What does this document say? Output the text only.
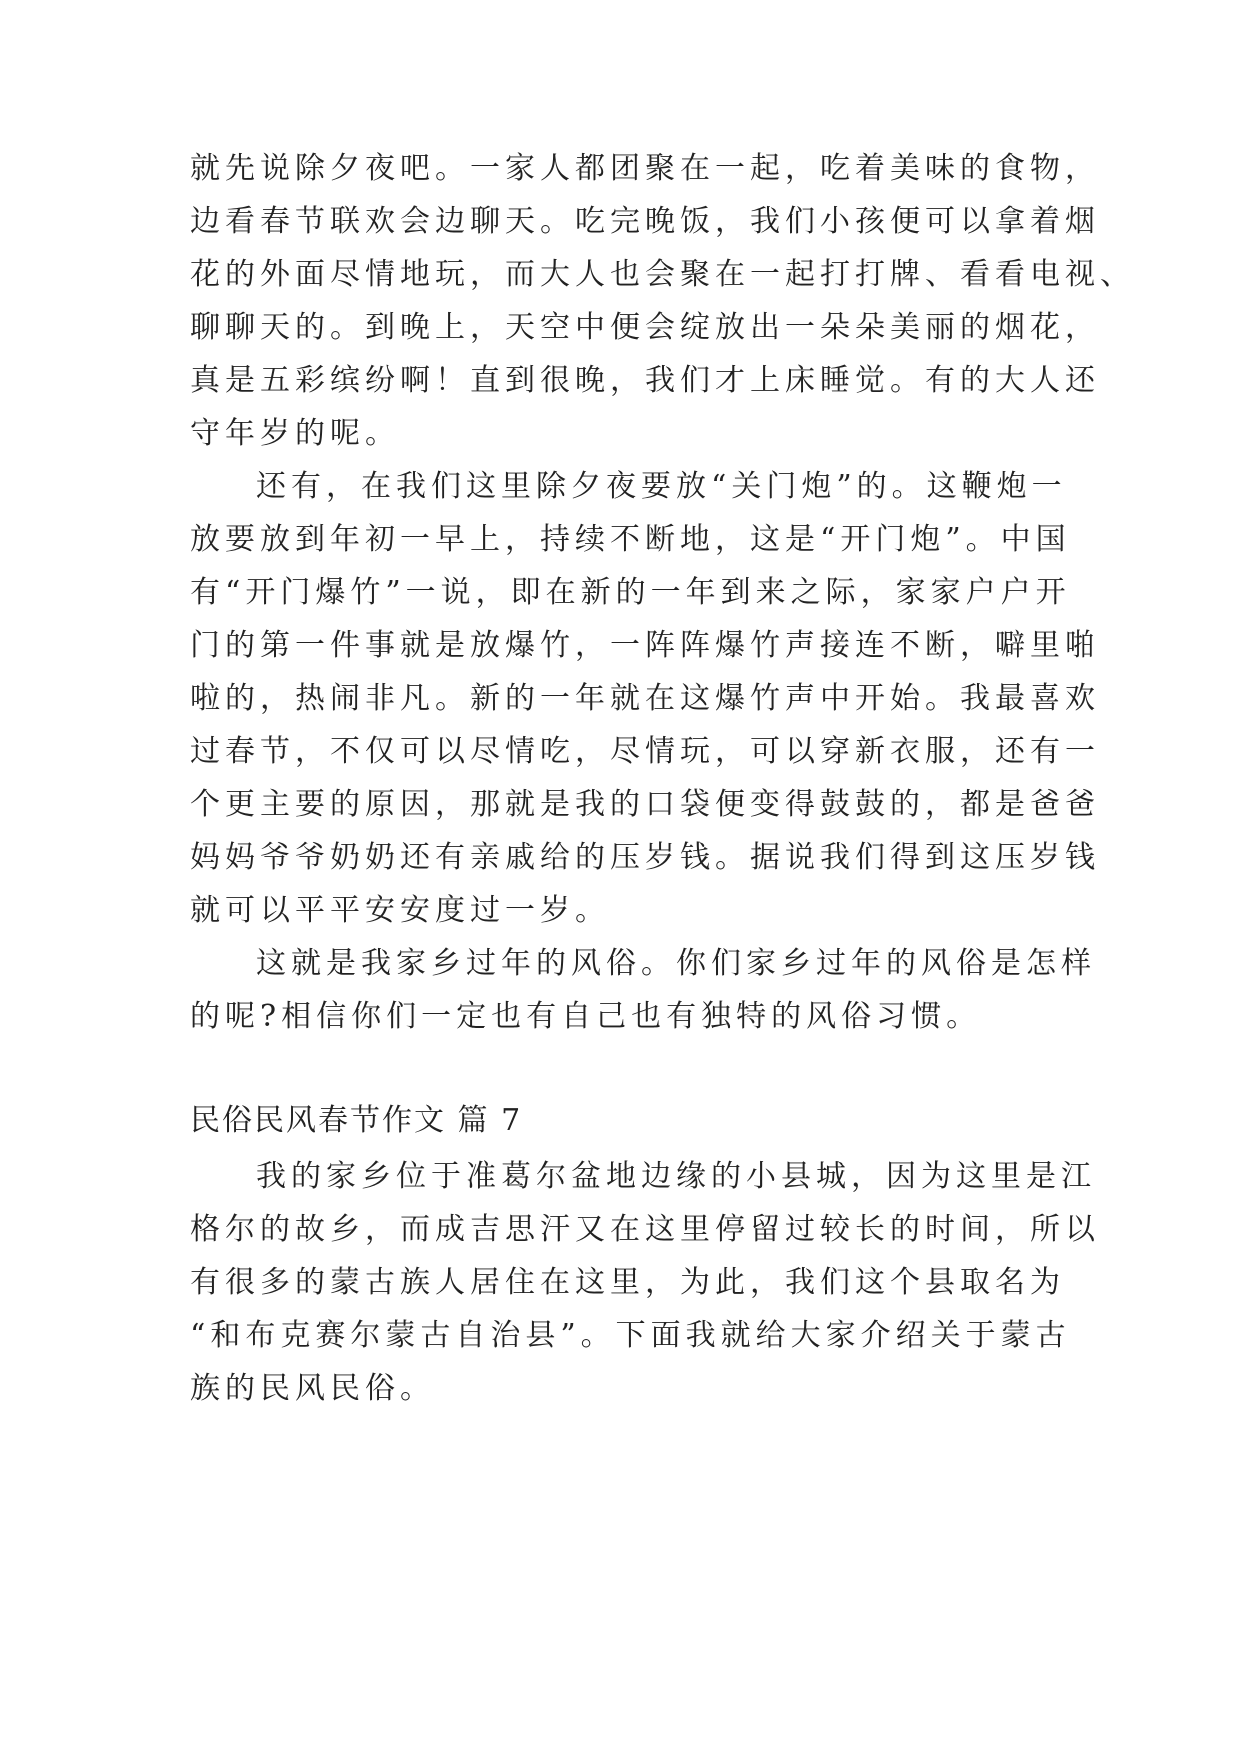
就先说除夕夜吧。一家人都团聚在一起，吃着美味的食物，
边看春节联欢会边聊天。吃完晚饭，我们小孩便可以拿着烟
花的外面尽情地玩，而大人也会聚在一起打打牌、看看电视、
聊聊天的。到晚上，天空中便会绽放出一朵朵美丽的烟花，
真是五彩缤纷啊！直到很晚，我们才上床睡觉。有的大人还
守年岁的呢。
还有，在我们这里除夕夜要放“关门炮”的。这鞭炮一
放要放到年初一早上，持续不断地，这是“开门炮”。中国
有“开门爆竹”一说，即在新的一年到来之际，家家户户开
门的第一件事就是放爆竹，一阵阵爆竹声接连不断，噼里啪
啦的，热闹非凡。新的一年就在这爆竹声中开始。我最喜欢
过春节，不仅可以尽情吃，尽情玩，可以穿新衣服，还有一
个更主要的原因，那就是我的口袋便变得鼓鼓的，都是爸爸
妈妈爷爷奶奶还有亲戚给的压岁钱。据说我们得到这压岁钱
就可以平平安安度过一岁。
这就是我家乡过年的风俗。你们家乡过年的风俗是怎样
的呢?相信你们一定也有自己也有独特的风俗习惯。
民俗民风春节作文 篇 7
我的家乡位于准葛尔盆地边缘的小县城，因为这里是江
格尔的故乡，而成吉思汗又在这里停留过较长的时间，所以
有很多的蒙古族人居住在这里，为此，我们这个县取名为
“和布克赛尔蒙古自治县”。下面我就给大家介绍关于蒙古
族的民风民俗。
